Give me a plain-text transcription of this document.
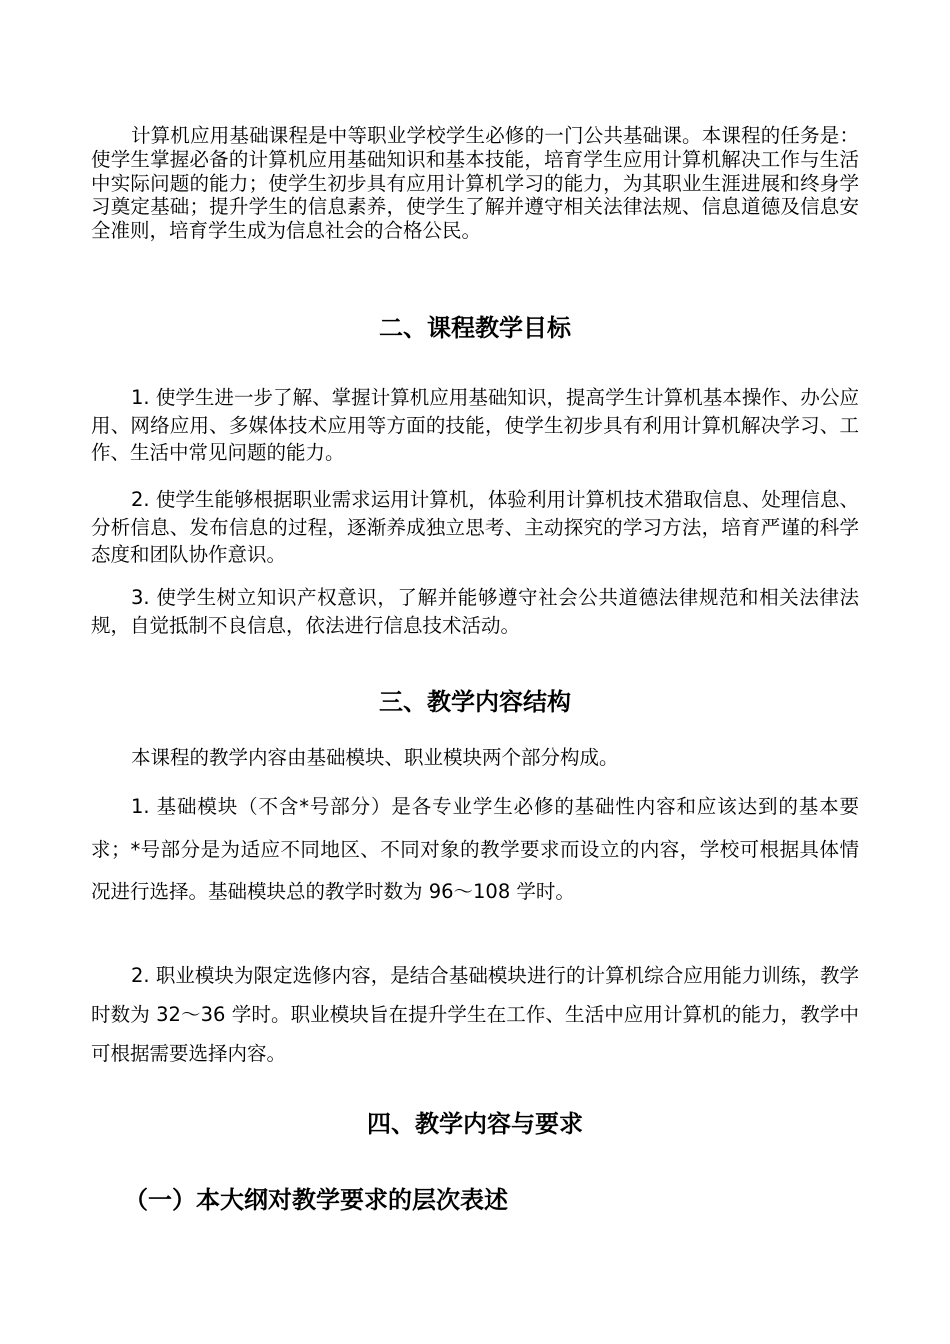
计算机应用基础课程是中等职业学校学生必修的一门公共基础课。本课程的任务是：使学生掌握必备的计算机应用基础知识和基本技能，培育学生应用计算机解决工作与生活中实际问题的能力；使学生初步具有应用计算机学习的能力，为其职业生涯进展和终身学习奠定基础；提升学生的信息素养，使学生了解并遵守相关法律法规、信息道德及信息安全准则，培育学生成为信息社会的合格公民。

二、课程教学目标

1. 使学生进一步了解、掌握计算机应用基础知识，提高学生计算机基本操作、办公应用、网络应用、多媒体技术应用等方面的技能，使学生初步具有利用计算机解决学习、工作、生活中常见问题的能力。

2. 使学生能够根据职业需求运用计算机，体验利用计算机技术猎取信息、处理信息、分析信息、发布信息的过程，逐渐养成独立思考、主动探究的学习方法，培育严谨的科学态度和团队协作意识。

3. 使学生树立知识产权意识，了解并能够遵守社会公共道德法律规范和相关法律法规，自觉抵制不良信息，依法进行信息技术活动。

三、教学内容结构

本课程的教学内容由基础模块、职业模块两个部分构成。

1. 基础模块（不含*号部分）是各专业学生必修的基础性内容和应该达到的基本要求；*号部分是为适应不同地区、不同对象的教学要求而设立的内容，学校可根据具体情况进行选择。基础模块总的教学时数为 96～108 学时。

2. 职业模块为限定选修内容，是结合基础模块进行的计算机综合应用能力训练，教学时数为 32～36 学时。职业模块旨在提升学生在工作、生活中应用计算机的能力，教学中可根据需要选择内容。

四、教学内容与要求
（一）本大纲对教学要求的层次表述
